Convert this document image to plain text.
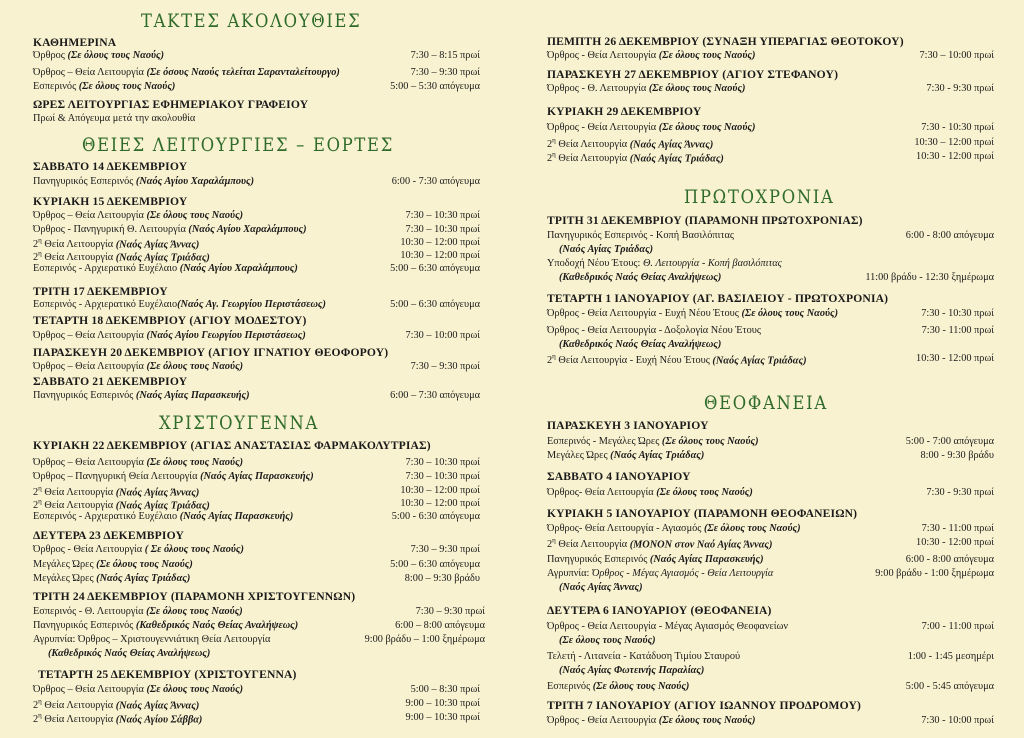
ΤΑΚΤΕΣ ΑΚΟΛΟΥΘΙΕΣ
ΚΑΘΗΜΕΡΙΝΑ
Όρθρος (Σε όλους τους Ναούς)	7:30 – 8:15 πρωί
Όρθρος – Θεία Λειτουργία (Σε όσους Ναούς τελείται Σαρανταλείτουργο)	7:30 – 9:30 πρωί
Εσπερινός (Σε όλους τους Ναούς)	5:00 – 5:30 απόγευμα
ΩΡΕΣ ΛΕΙΤΟΥΡΓΙΑΣ ΕΦΗΜΕΡΙΑΚΟΥ ΓΡΑΦΕΙΟΥ
Πρωί & Απόγευμα μετά την ακολουθία
ΘΕΙΕΣ ΛΕΙΤΟΥΡΓΙΕΣ – ΕΟΡΤΕΣ
ΣΑΒΒΑΤΟ 14 ΔΕΚΕΜΒΡΙΟΥ
Πανηγυρικός Εσπερινός (Ναός Αγίου Χαραλάμπους)	6:00 - 7:30 απόγευμα
ΚΥΡΙΑΚΗ 15 ΔΕΚΕΜΒΡΙΟΥ
Όρθρος – Θεία Λειτουργία (Σε όλους τους Ναούς)	7:30 – 10:30 πρωί
Όρθρος - Πανηγυρική Θ. Λειτουργία (Ναός Αγίου Χαραλάμπους)	7:30 – 10:30 πρωί
$2^\eta$ Θεία Λειτουργία (Ναός Αγίας Άννας)	10:30 – 12:00 πρωί
$2^\eta$ Θεία Λειτουργία (Ναός Αγίας Τριάδας)	10:30 – 12:00 πρωί
Εσπερινός - Αρχιερατικό Ευχέλαιο (Ναός Αγίου Χαραλάμπους)	5:00 – 6:30 απόγευμα
ΤΡΙΤΗ 17 ΔΕΚΕΜΒΡΙΟΥ
Εσπερινός - Αρχιερατικό Ευχέλαιο(Ναός Αγ. Γεωργίου Περιστάσεως)	5:00 – 6:30 απόγευμα
ΤΕΤΑΡΤΗ 18 ΔΕΚΕΜΒΡΙΟΥ (ΑΓΙΟΥ ΜΟΔΕΣΤΟΥ)
Όρθρος – Θεία Λειτουργία (Ναός Αγίου Γεωργίου Περιστάσεως)	7:30 – 10:00 πρωί
ΠΑΡΑΣΚΕΥΗ 20 ΔΕΚΕΜΒΡΙΟΥ (ΑΓΙΟΥ ΙΓΝΑΤΙΟΥ ΘΕΟΦΟΡΟΥ)
Όρθρος – Θεία Λειτουργία (Σε όλους τους Ναούς)	7:30 – 9:30 πρωί
ΣΑΒΒΑΤΟ 21 ΔΕΚΕΜΒΡΙΟΥ
Πανηγυρικός Εσπερινός (Ναός Αγίας Παρασκευής)	6:00 – 7:30 απόγευμα
ΧΡΙΣΤΟΥΓΕΝΝΑ
ΚΥΡΙΑΚΗ 22 ΔΕΚΕΜΒΡΙΟΥ (ΑΓΙΑΣ ΑΝΑΣΤΑΣΙΑΣ ΦΑΡΜΑΚΟΛΥΤΡΙΑΣ)
Όρθρος – Θεία Λειτουργία (Σε όλους τους Ναούς)	7:30 – 10:30 πρωί
Όρθρος – Πανηγυρική Θεία Λειτουργία (Ναός Αγίας Παρασκευής)	7:30 – 10:30 πρωί
$2^\eta$ Θεία Λειτουργία (Ναός Αγίας Άννας)	10:30 – 12:00 πρωί
$2^\eta$ Θεία Λειτουργία (Ναός Αγίας Τριάδας)	10:30 – 12:00 πρωί
Εσπερινός - Αρχιερατικό Ευχέλαιο (Ναός Αγίας Παρασκευής)	5:00 - 6:30 απόγευμα
ΔΕΥΤΕΡΑ 23 ΔΕΚΕΜΒΡΙΟΥ
Όρθρος - Θεία Λειτουργία ( Σε όλους τους Ναούς)	7:30 – 9:30 πρωί
Μεγάλες Ώρες (Σε όλους τους Ναούς)	5:00 – 6:30 απόγευμα
Μεγάλες Ώρες (Ναός Αγίας Τριάδας)	8:00 – 9:30 βράδυ
ΤΡΙΤΗ 24 ΔΕΚΕΜΒΡΙΟΥ (ΠΑΡΑΜΟΝΗ ΧΡΙΣΤΟΥΓΕΝΝΩΝ)
Εσπερινός - Θ. Λειτουργία (Σε όλους τους Ναούς)	7:30 – 9:30 πρωί
Πανηγυρικός Εσπερινός (Καθεδρικός Ναός Θείας Αναλήψεως)	6:00 – 8:00 απόγευμα
Αγρυπνία: Όρθρος – Χριστουγεννιάτικη Θεία Λειτουργία	9:00 βράδυ – 1:00 ξημέρωμα
(Καθεδρικός Ναός Θείας Αναλήψεως)
ΤΕΤΑΡΤΗ 25 ΔΕΚΕΜΒΡΙΟΥ (ΧΡΙΣΤΟΥΓΕΝΝΑ)
Όρθρος – Θεία Λειτουργία (Σε όλους τους Ναούς)	5:00 – 8:30 πρωί
$2^\eta$ Θεία Λειτουργία (Ναός Αγίας Άννας)	9:00 – 10:30 πρωί
$2^\eta$ Θεία Λειτουργία (Ναός Αγίου Σάββα)	9:00 – 10:30 πρωί
ΠΕΜΠΤΗ 26 ΔΕΚΕΜΒΡΙΟΥ (ΣΥΝΑΞΗ ΥΠΕΡΑΓΙΑΣ ΘΕΟΤΟΚΟΥ)
Όρθρος - Θεία Λειτουργία (Σε όλους τους Ναούς)	7:30 – 10:00 πρωί
ΠΑΡΑΣΚΕΥΗ 27 ΔΕΚΕΜΒΡΙΟΥ (ΑΓΙΟΥ ΣΤΕΦΑΝΟΥ)
Όρθρος - Θ. Λειτουργία (Σε όλους τους Ναούς)	7:30 - 9:30 πρωί
ΚΥΡΙΑΚΗ 29 ΔΕΚΕΜΒΡΙΟΥ
Όρθρος - Θεία Λειτουργία (Σε όλους τους Ναούς)	7:30 - 10:30 πρωί
$2^\eta$ Θεία Λειτουργία (Ναός Αγίας Άννας)	10:30 – 12:00 πρωί
$2^\eta$ Θεία Λειτουργία (Ναός Αγίας Τριάδας)	10:30 - 12:00 πρωί
ΠΡΩΤΟΧΡΟΝΙΑ
ΤΡΙΤΗ 31 ΔΕΚΕΜΒΡΙΟΥ (ΠΑΡΑΜΟΝΗ ΠΡΩΤΟΧΡΟΝΙΑΣ)
Πανηγυρικός Εσπερινός - Κοπή Βασιλόπιτας	6:00 - 8:00 απόγευμα
(Ναός Αγίας Τριάδας)
Υποδοχή Νέου Έτους: Θ. Λειτουργία - Κοπή βασιλόπιτας
(Καθεδρικός Ναός Θείας Αναλήψεως)	11:00 βράδυ - 12:30 ξημέρωμα
ΤΕΤΑΡΤΗ 1 ΙΑΝΟΥΑΡΙΟΥ (ΑΓ. ΒΑΣΙΛΕΙΟΥ - ΠΡΩΤΟΧΡΟΝΙΑ)
Όρθρος - Θεία Λειτουργία - Ευχή Νέου Έτους (Σε όλους τους Ναούς)	7:30 - 10:30 πρωί
Όρθρος - Θεία Λειτουργία - Δοξολογία Νέου Έτους	7:30 - 11:00 πρωί
(Καθεδρικός Ναός Θείας Αναλήψεως)
$2^\eta$ Θεία Λειτουργία - Ευχή Νέου Έτους (Ναός Αγίας Τριάδας)	10:30 - 12:00 πρωί
ΘΕΟΦΑΝΕΙΑ
ΠΑΡΑΣΚΕΥΗ 3 ΙΑΝΟΥΑΡΙΟΥ
Εσπερινός - Μεγάλες Ώρες (Σε όλους τους Ναούς)	5:00 - 7:00 απόγευμα
Μεγάλες Ώρες (Ναός Αγίας Τριάδας)	8:00 - 9:30 βράδυ
ΣΑΒΒΑΤΟ 4 ΙΑΝΟΥΑΡΙΟΥ
Όρθρος- Θεία Λειτουργία (Σε όλους τους Ναούς)	7:30 - 9:30 πρωί
ΚΥΡΙΑΚΗ 5 ΙΑΝΟΥΑΡΙΟΥ (ΠΑΡΑΜΟΝΗ ΘΕΟΦΑΝΕΙΩΝ)
Όρθρος- Θεία Λειτουργία - Αγιασμός (Σε όλους τους Ναούς)	7:30 - 11:00 πρωί
$2^\eta$ Θεία Λειτουργία (ΜΟΝΟΝ στον Ναό Αγίας Άννας)	10:30 - 12:00 πρωί
Πανηγυρικός Εσπερινός (Ναός Αγίας Παρασκευής)	6:00 - 8:00 απόγευμα
Αγρυπνία: Όρθρος - Μέγας Αγιασμός - Θεία Λειτουργία	9:00 βράδυ - 1:00 ξημέρωμα
(Ναός Αγίας Άννας)
ΔΕΥΤΕΡΑ 6 ΙΑΝΟΥΑΡΙΟΥ (ΘΕΟΦΑΝΕΙΑ)
Όρθρος - Θεία Λειτουργία - Μέγας Αγιασμός Θεοφανείων	7:00 - 11:00 πρωί
(Σε όλους τους Ναούς)
Τελετή - Λιτανεία - Κατάδυση Τιμίου Σταυρού	1:00 - 1:45 μεσημέρι
(Ναός Αγίας Φωτεινής Παραλίας)
Εσπερινός (Σε όλους τους Ναούς)	5:00 - 5:45 απόγευμα
ΤΡΙΤΗ 7 ΙΑΝΟΥΑΡΙΟΥ (ΑΓΙΟΥ ΙΩΑΝΝΟΥ ΠΡΟΔΡΟΜΟΥ)
Όρθρος - Θεία Λειτουργία (Σε όλους τους Ναούς)	7:30 - 10:00 πρωί
